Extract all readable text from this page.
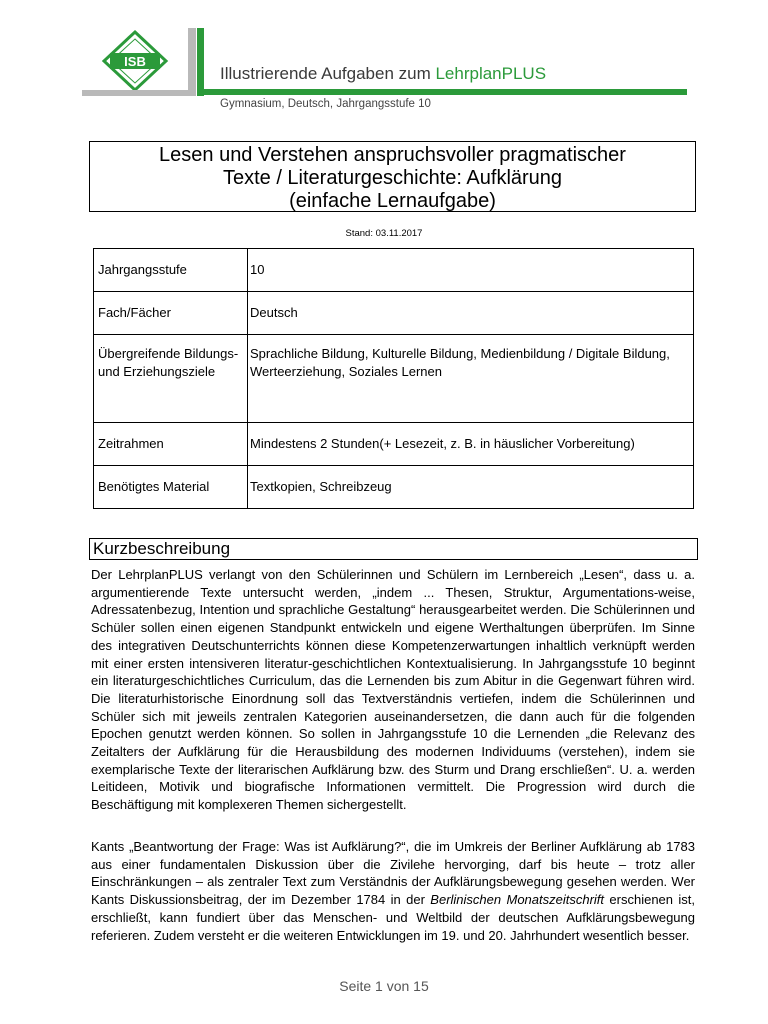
ISB
Illustrierende Aufgaben zum LehrplanPLUS
Gymnasium, Deutsch, Jahrgangsstufe 10
Lesen und Verstehen anspruchsvoller pragmatischer
Texte / Literaturgeschichte: Aufklärung
(einfache Lernaufgabe)
Stand: 03.11.2017
Jahrgangsstufe	10
Fach/Fächer	Deutsch
Übergreifende Bildungs- und Erziehungsziele	Sprachliche Bildung, Kulturelle Bildung, Medienbildung / Digitale Bildung, Werteerziehung, Soziales Lernen
Zeitrahmen	Mindestens 2 Stunden(+ Lesezeit, z. B. in häuslicher Vorbereitung)
Benötigtes Material	Textkopien, Schreibzeug
Kurzbeschreibung

Der LehrplanPLUS verlangt von den Schülerinnen und Schülern im Lernbereich „Lesen“, dass u. a. argumentierende Texte untersucht werden, „indem ... Thesen, Struktur, Argumentations-weise, Adressatenbezug, Intention und sprachliche Gestaltung“ herausgearbeitet werden. Die Schülerinnen und Schüler sollen einen eigenen Standpunkt entwickeln und eigene Werthaltungen überprüfen. Im Sinne des integrativen Deutschunterrichts können diese Kompetenzerwartungen inhaltlich verknüpft werden mit einer ersten intensiveren literatur-geschichtlichen Kontextualisierung. In Jahrgangsstufe 10 beginnt ein literaturgeschichtliches Curriculum, das die Lernenden bis zum Abitur in die Gegenwart führen wird. Die literaturhistorische Einordnung soll das Textverständnis vertiefen, indem die Schülerinnen und Schüler sich mit jeweils zentralen Kategorien auseinandersetzen, die dann auch für die folgenden Epochen genutzt werden können. So sollen in Jahrgangsstufe 10 die Lernenden „die Relevanz des Zeitalters der Aufklärung für die Herausbildung des modernen Individuums (verstehen), indem sie exemplarische Texte der literarischen Aufklärung bzw. des Sturm und Drang erschließen“. U. a. werden Leitideen, Motivik und biografische Informationen vermittelt. Die Progression wird durch die Beschäftigung mit komplexeren Themen sichergestellt.

Kants „Beantwortung der Frage: Was ist Aufklärung?“, die im Umkreis der Berliner Aufklärung ab 1783 aus einer fundamentalen Diskussion über die Zivilehe hervorging, darf bis heute – trotz aller Einschränkungen – als zentraler Text zum Verständnis der Aufklärungsbewegung gesehen werden. Wer Kants Diskussionsbeitrag, der im Dezember 1784 in der Berlinischen Monatszeitschrift erschienen ist, erschließt, kann fundiert über das Menschen- und Weltbild der deutschen Aufklärungsbewegung referieren. Zudem versteht er die weiteren Entwicklungen im 19. und 20. Jahrhundert wesentlich besser.

Seite 1 von 15
